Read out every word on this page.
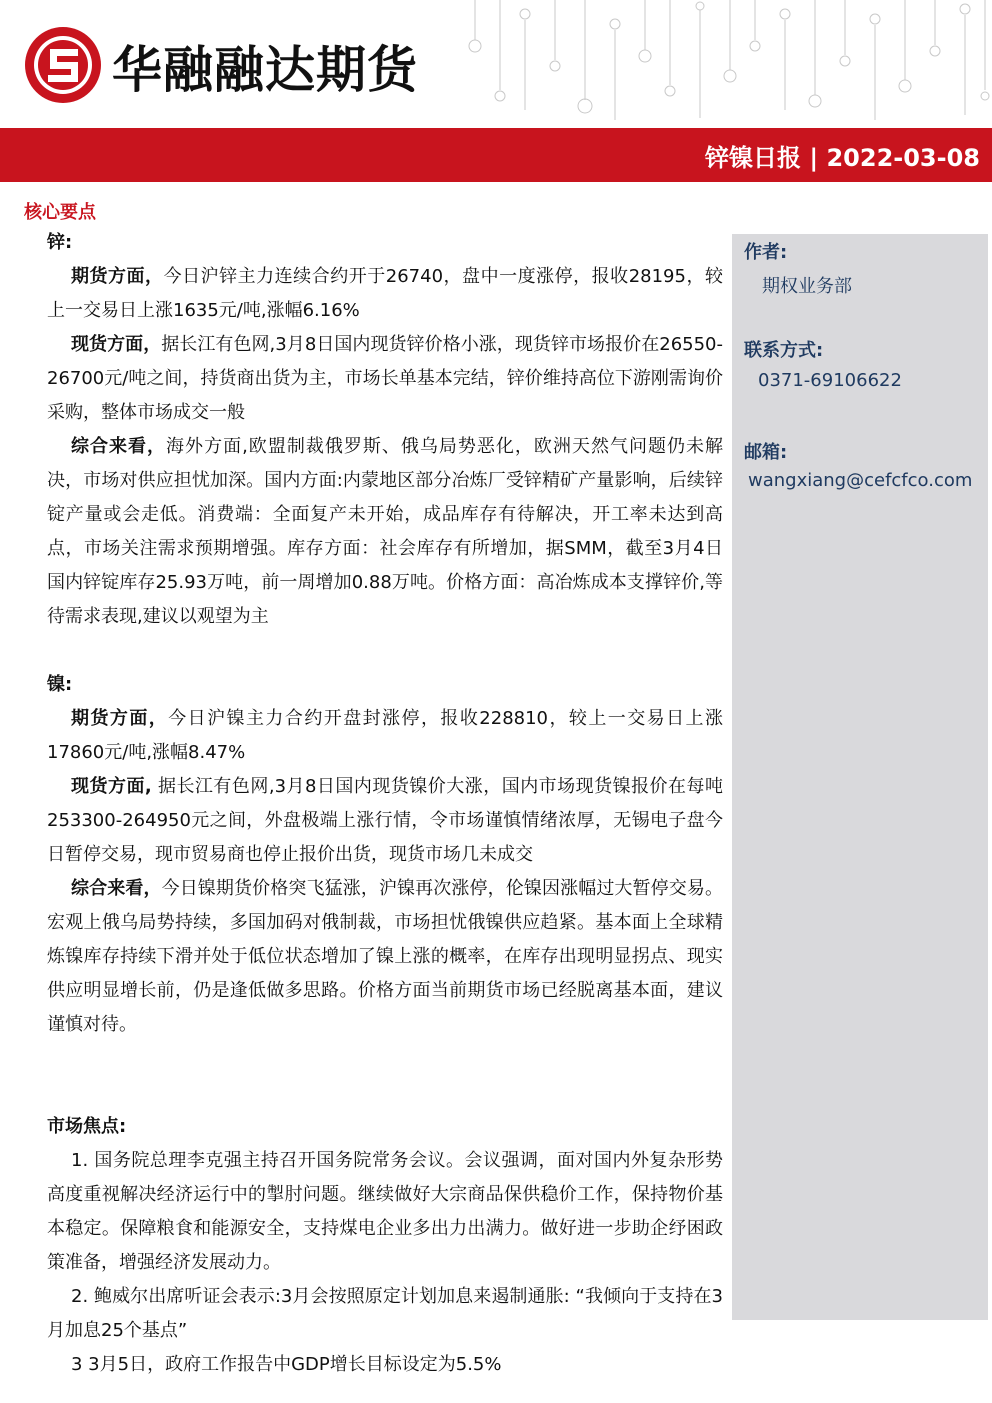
华融融达期货
锌镍日报 | 2022-03-08
核心要点
作者:
期权业务部
联系方式:
0371-69106622
邮箱:
wangxiang@cefcfco.com

锌:

期货方面，今日沪锌主力连续合约开于26740，盘中一度涨停，报收28195，较上一交易日上涨1635元/吨,涨幅6.16%

现货方面，据长江有色网,3月8日国内现货锌价格小涨，现货锌市场报价在26550-26700元/吨之间，持货商出货为主，市场长单基本完结，锌价维持高位下游刚需询价采购，整体市场成交一般

综合来看，海外方面,欧盟制裁俄罗斯、俄乌局势恶化，欧洲天然气问题仍未解决，市场对供应担忧加深。国内方面:内蒙地区部分冶炼厂受锌精矿产量影响，后续锌锭产量或会走低。消费端：全面复产未开始，成品库存有待解决，开工率未达到高点，市场关注需求预期增强。库存方面：社会库存有所增加，据SMM，截至3月4日国内锌锭库存25.93万吨，前一周增加0.88万吨。价格方面：高冶炼成本支撑锌价,等待需求表现,建议以观望为主

镍:

期货方面，今日沪镍主力合约开盘封涨停，报收228810，较上一交易日上涨17860元/吨,涨幅8.47%

现货方面, 据长江有色网,3月8日国内现货镍价大涨，国内市场现货镍报价在每吨253300-264950元之间，外盘极端上涨行情，令市场谨慎情绪浓厚，无锡电子盘今日暂停交易，现市贸易商也停止报价出货，现货市场几未成交

综合来看，今日镍期货价格突飞猛涨，沪镍再次涨停，伦镍因涨幅过大暂停交易。宏观上俄乌局势持续，多国加码对俄制裁，市场担忧俄镍供应趋紧。基本面上全球精炼镍库存持续下滑并处于低位状态增加了镍上涨的概率，在库存出现明显拐点、现实供应明显增长前，仍是逢低做多思路。价格方面当前期货市场已经脱离基本面，建议谨慎对待。

市场焦点:

1. 国务院总理李克强主持召开国务院常务会议。会议强调，面对国内外复杂形势高度重视解决经济运行中的掣肘问题。继续做好大宗商品保供稳价工作，保持物价基本稳定。保障粮食和能源安全，支持煤电企业多出力出满力。做好进一步助企纾困政策准备，增强经济发展动力。

2. 鲍威尔出席听证会表示:3月会按照原定计划加息来遏制通胀: “我倾向于支持在3月加息25个基点”

3 3月5日，政府工作报告中GDP增长目标设定为5.5%
